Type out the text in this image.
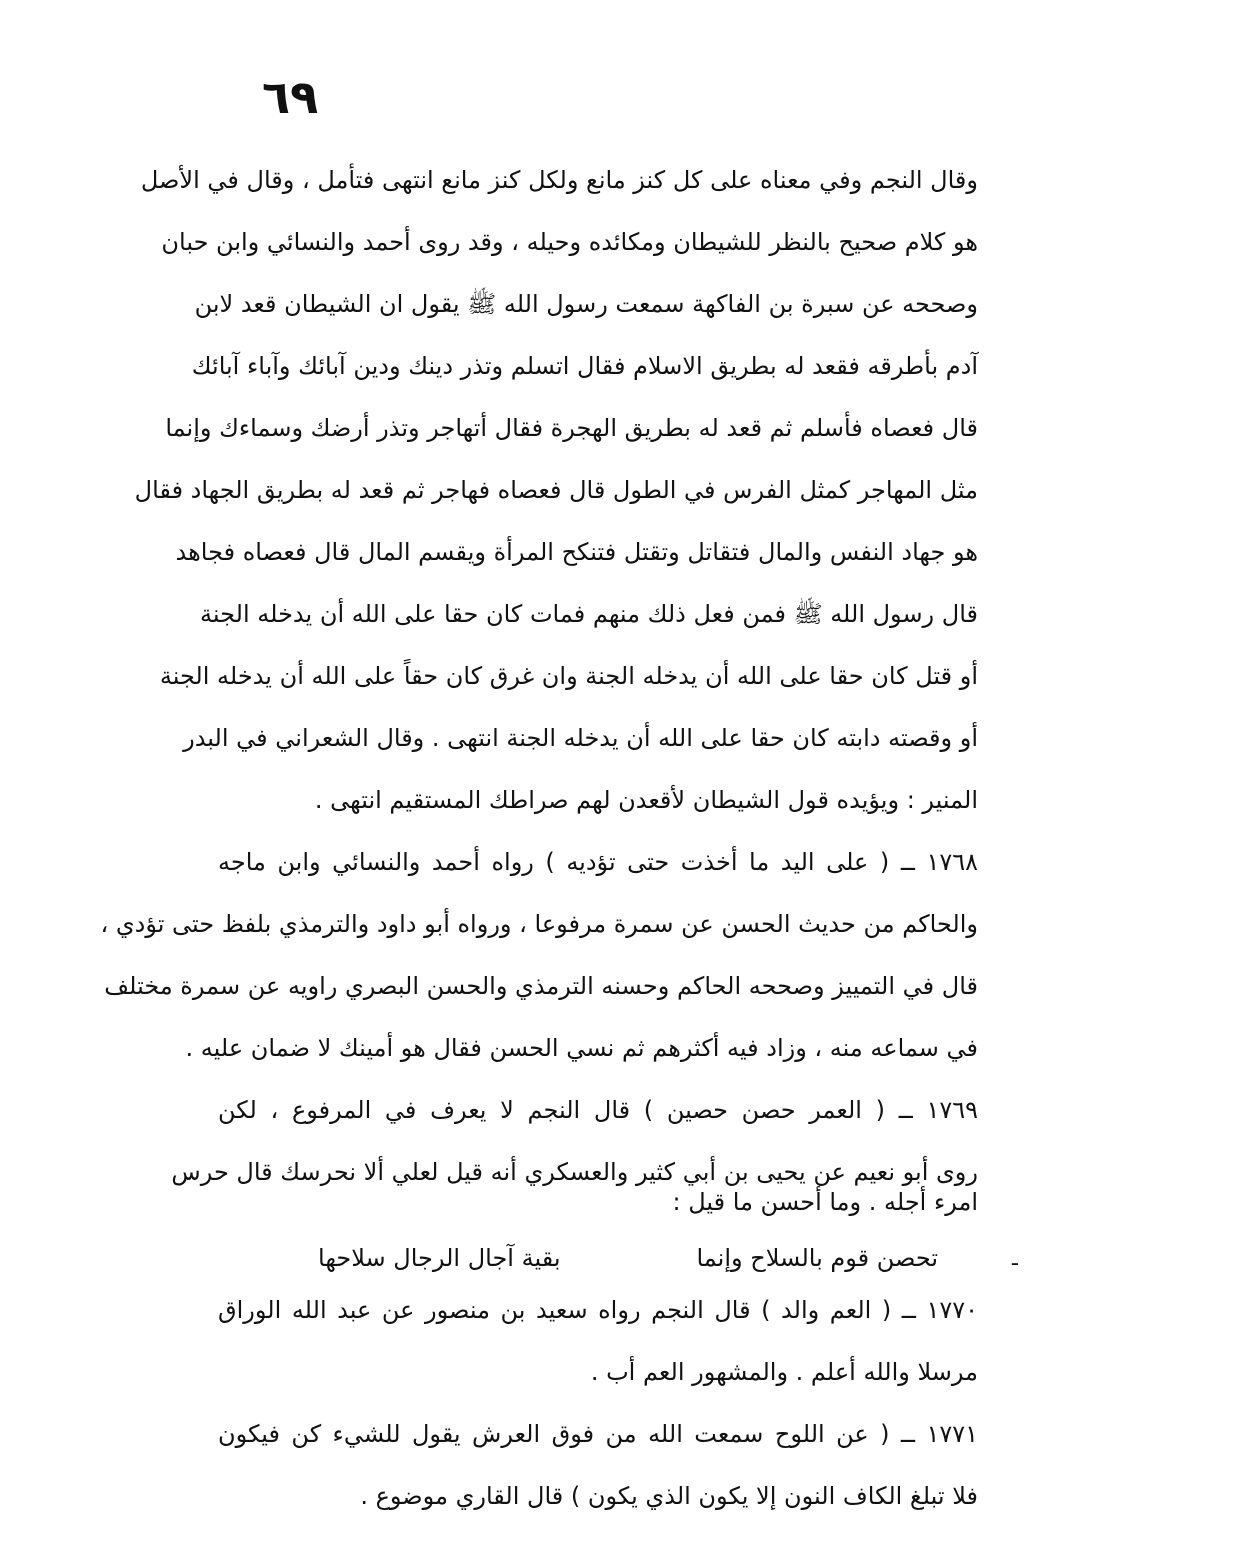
٦٩
وقال النجم وفي معناه على كل كنز مانع ولكل كنز مانع انتهى فتأمل ، وقال في الأصل
هو كلام صحيح بالنظر للشيطان ومكائده وحيله ، وقد روى أحمد والنسائي وابن حبان
وصححه عن سبرة بن الفاكهة سمعت رسول الله ﷺ يقول ان الشيطان قعد لابن
آدم بأطرقه فقعد له بطريق الاسلام فقال اتسلم وتذر دينك ودين آبائك وآباء آبائك
قال فعصاه فأسلم ثم قعد له بطريق الهجرة فقال أتهاجر وتذر أرضك وسماءك وإنما
مثل المهاجر كمثل الفرس في الطول قال فعصاه فهاجر ثم قعد له بطريق الجهاد فقال
هو جهاد النفس والمال فتقاتل وتقتل فتنكح المرأة ويقسم المال قال فعصاه فجاهد
قال رسول الله ﷺ فمن فعل ذلك منهم فمات كان حقا على الله أن يدخله الجنة
أو قتل كان حقا على الله أن يدخله الجنة وان غرق كان حقاً على الله أن يدخله الجنة
أو وقصته دابته كان حقا على الله أن يدخله الجنة انتهى . وقال الشعراني في البدر
المنير : ويؤيده قول الشيطان لأقعدن لهم صراطك المستقيم انتهى .
١٧٦٨ ــ ( على اليد ما أخذت حتى تؤديه ) رواه أحمد والنسائي وابن ماجه
والحاكم من حديث الحسن عن سمرة مرفوعا ، ورواه أبو داود والترمذي بلفظ حتى تؤدي ،
قال في التمييز وصححه الحاكم وحسنه الترمذي والحسن البصري راويه عن سمرة مختلف
في سماعه منه ، وزاد فيه أكثرهم ثم نسي الحسن فقال هو أمينك لا ضمان عليه .
١٧٦٩ ــ ( العمر حصن حصين ) قال النجم لا يعرف في المرفوع ، لكن
روى أبو نعيم عن يحيى بن أبي كثير والعسكري أنه قيل لعلي ألا نحرسك قال حرس
امرء أجله . وما أحسن ما قيل :
تحصن قوم بالسلاح وإنما
بقية آجال الرجال سلاحها	ـ
١٧٧٠ ــ ( العم والد ) قال النجم رواه سعيد بن منصور عن عبد الله الوراق
مرسلا والله أعلم . والمشهور العم أب .
١٧٧١ ــ ( عن اللوح سمعت الله من فوق العرش يقول للشيء كن فيكون
فلا تبلغ الكاف النون إلا يكون الذي يكون ) قال القاري موضوع .
